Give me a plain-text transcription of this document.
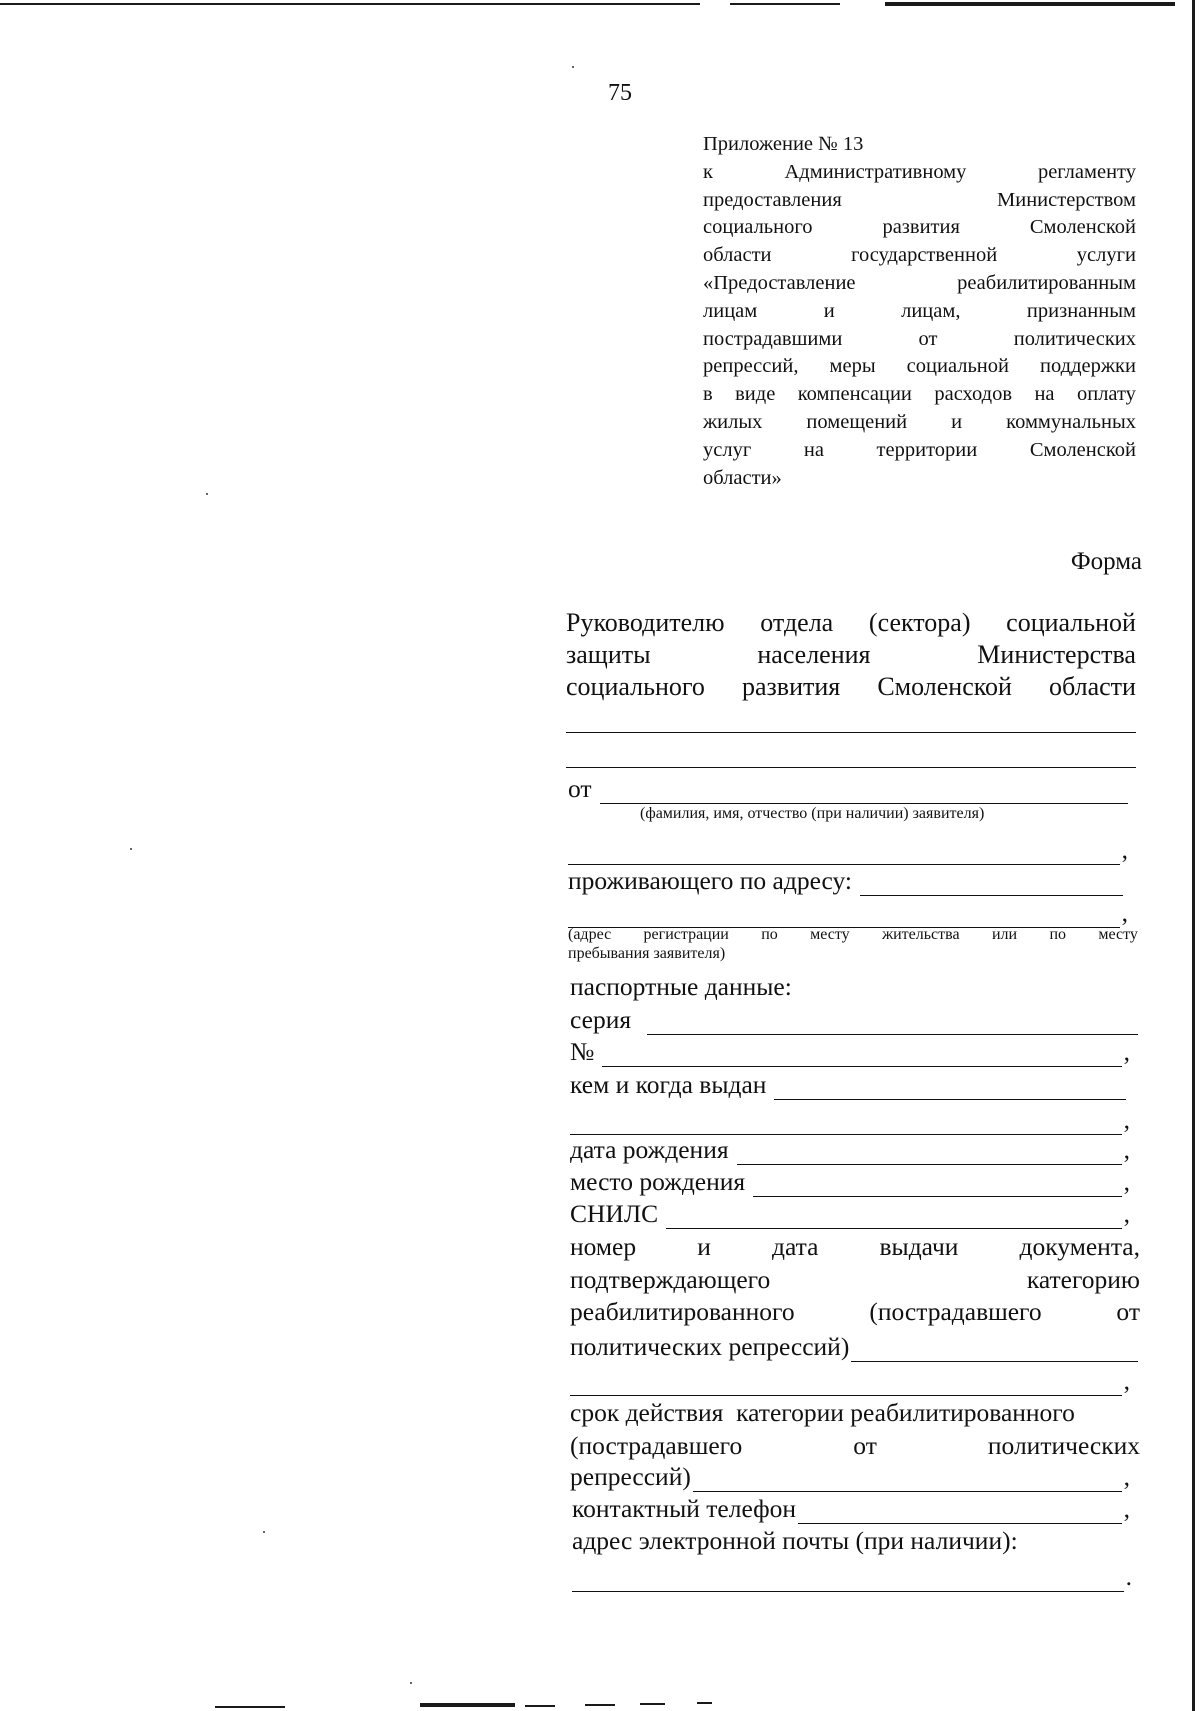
75
Приложение № 13
к	Административному	регламенту
предоставления	Министерством
социального	развития	Смоленской
области	государственной	услуги
«Предоставление	реабилитированным
лицам	и	лицам,	признанным
пострадавшими	от	политических
репрессий, меры социальной поддержки
в виде компенсации расходов на оплату
жилых помещений и коммунальных
услуг	на	территории	Смоленской
области»
Форма
Руководителю отдела (сектора) социальной
защиты	населения	Министерства
социального развития Смоленской области
от
(фамилия, имя, отчество (при наличии) заявителя)
,
проживающего по адресу:
,
(адрес регистрации по месту жительства или по месту
пребывания заявителя)
паспортные данные:
серия
№	,
кем и когда выдан
,
дата рождения	,
место рождения	,
СНИЛС	,
номер и дата выдачи документа,
подтверждающего	категорию
реабилитированного	(пострадавшего	от
политических репрессий)
,
срок действия  категории реабилитированного
(пострадавшего	от	политических
репрессий)	,
контактный телефон	,
адрес электронной почты (при наличии):
.
